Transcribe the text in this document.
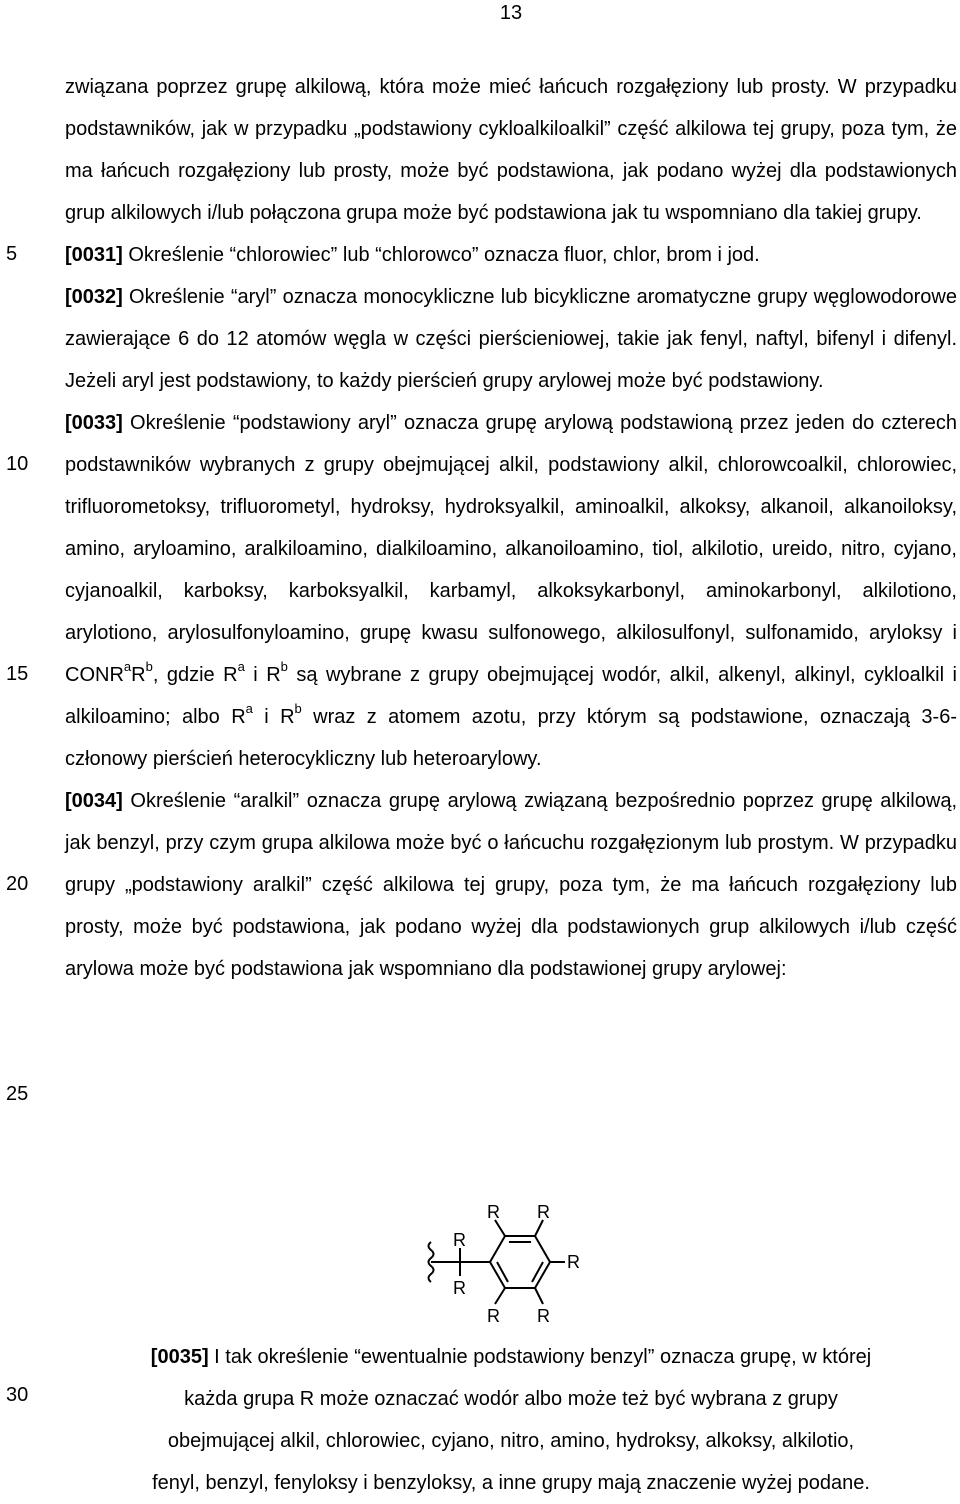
13
5
10
15
20
25
30

związana poprzez grupę alkilową, która może mieć łańcuch rozgałęziony lub prosty. W przypadku podstawników, jak w przypadku „podstawiony cykloalkiloalkil” część alkilowa tej grupy, poza tym, że ma łańcuch rozgałęziony lub prosty, może być podstawiona, jak podano wyżej dla podstawionych grup alkilowych i/lub połączona grupa może być podstawiona jak tu wspomniano dla takiej grupy.

[0031] Określenie “chlorowiec” lub “chlorowco” oznacza fluor, chlor, brom i jod.

[0032] Określenie “aryl” oznacza monocykliczne lub bicykliczne aromatyczne grupy węglowodorowe zawierające 6 do 12 atomów węgla w części pierścieniowej, takie jak fenyl, naftyl, bifenyl i difenyl. Jeżeli aryl jest podstawiony, to każdy pierścień grupy arylowej może być podstawiony.

[0033] Określenie “podstawiony aryl” oznacza grupę arylową podstawioną przez jeden do czterech podstawników wybranych z grupy obejmującej alkil, podstawiony alkil, chlorowcoalkil, chlorowiec, trifluorometoksy, trifluorometyl, hydroksy, hydroksyalkil, aminoalkil, alkoksy, alkanoil, alkanoiloksy, amino, aryloamino, aralkiloamino, dialkiloamino, alkanoiloamino, tiol, alkilotio, ureido, nitro, cyjano, cyjanoalkil, karboksy, karboksyalkil, karbamyl, alkoksykarbonyl, aminokarbonyl, alkilotiono, arylotiono, arylosulfonyloamino, grupę kwasu sulfonowego, alkilosulfonyl, sulfonamido, aryloksy i $CONR^aR^b$, gdzie $R^a$ i $R^b$ są wybrane z grupy obejmującej wodór, alkil, alkenyl, alkinyl, cykloalkil i alkiloamino; albo $R^a$ i $R^b$ wraz z atomem azotu, przy którym są podstawione, oznaczają 3-6-członowy pierścień heterocykliczny lub heteroarylowy.

[0034] Określenie “aralkil” oznacza grupę arylową związaną bezpośrednio poprzez grupę alkilową, jak benzyl, przy czym grupa alkilowa może być o łańcuchu rozgałęzionym lub prostym. W przypadku grupy „podstawiony aralkil” część alkilowa tej grupy, poza tym, że ma łańcuch rozgałęziony lub prosty, może być podstawiona, jak podano wyżej dla podstawionych grup alkilowych i/lub część arylowa może być podstawiona jak wspomniano dla podstawionej grupy arylowej:

R
R
R R
R
R R
[0035] I tak określenie “ewentualnie podstawiony benzyl” oznacza grupę, w której
każda grupa R może oznaczać wodór albo może też być wybrana z grupy
obejmującej alkil, chlorowiec, cyjano, nitro, amino, hydroksy, alkoksy, alkilotio,
fenyl, benzyl, fenyloksy i benzyloksy, a inne grupy mają znaczenie wyżej podane.
